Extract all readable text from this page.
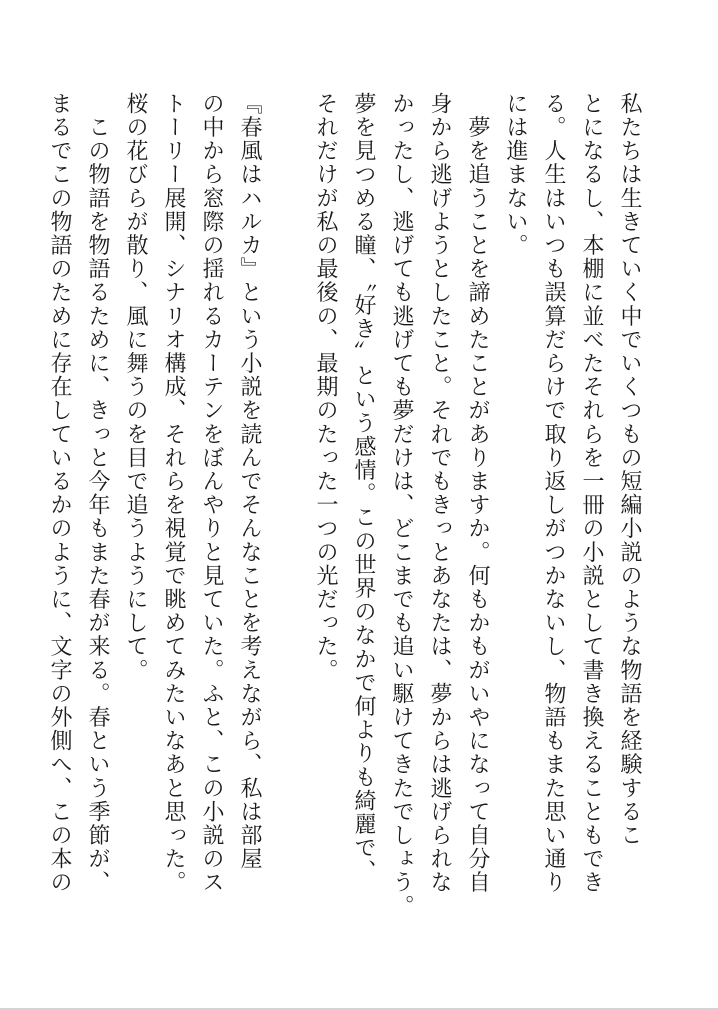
私たちは生きていく中でいくつもの短編小説のような物語を経験するこ
とになるし、本棚に並べたそれらを一冊の小説として書き換えることもでき
る。人生はいつも誤算だらけで取り返しがつかないし、物語もまた思い通り
には進まない。

　夢を追うことを諦めたことがありますか。何もかもがいやになって自分自
身から逃げようとしたこと。それでもきっとあなたは、夢からは逃げられな
かったし、逃げても逃げても夢だけは、どこまでも追い駆けてきたでしょう。
夢を見つめる瞳、〝好き〟という感情。この世界のなかで何よりも綺麗で、
それだけが私の最後の、最期のたった一つの光だった。

『春風はハルカ』という小説を読んでそんなことを考えながら、私は部屋
の中から窓際の揺れるカーテンをぼんやりと見ていた。ふと、この小説のス
トーリー展開、シナリオ構成、それらを視覚で眺めてみたいなあと思った。
桜の花びらが散り、風に舞うのを目で追うようにして。

　この物語を物語るために、きっと今年もまた春が来る。春という季節が、
まるでこの物語のために存在しているかのように、文字の外側へ、この本の
